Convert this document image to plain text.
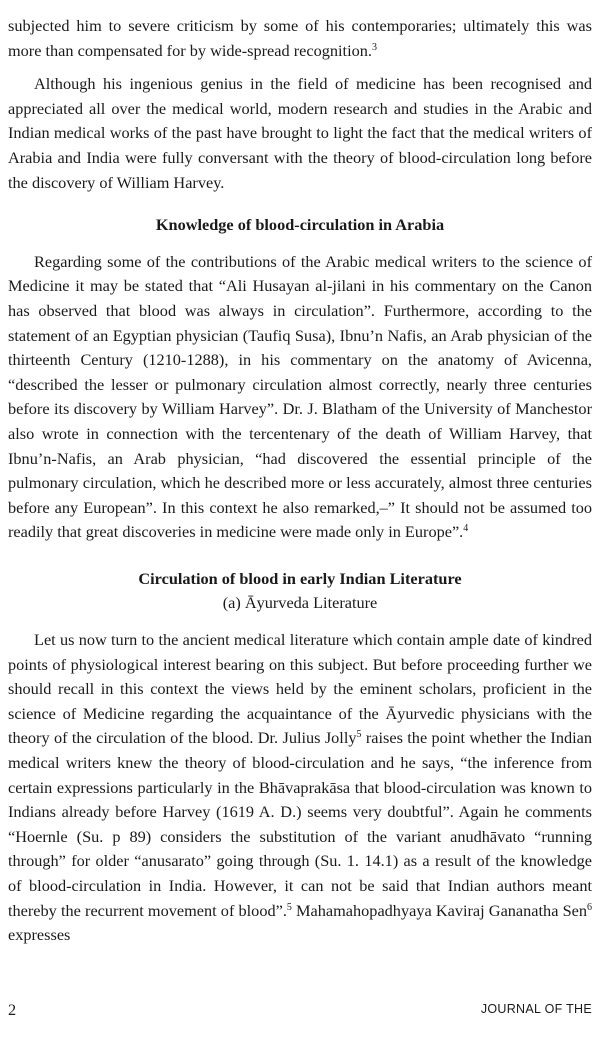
subjected him to severe criticism by some of his contemporaries; ultimately this was more than compensated for by wide-spread recognition.$^3$

Although his ingenious genius in the field of medicine has been recognised and appreciated all over the medical world, modern research and studies in the Arabic and Indian medical works of the past have brought to light the fact that the medical writers of Arabia and India were fully conversant with the theory of blood-circulation long before the discovery of William Harvey.

Knowledge of blood-circulation in Arabia

Regarding some of the contributions of the Arabic medical writers to the science of Medicine it may be stated that “Ali Husayan al-jilani in his commentary on the Canon has observed that blood was always in circulation”. Furthermore, according to the statement of an Egyptian physician (Taufiq Susa), Ibnu’n Nafis, an Arab physician of the thirteenth Century (1210-1288), in his commentary on the anatomy of Avicenna, “described the lesser or pulmonary circulation almost correctly, nearly three centuries before its discovery by William Harvey”. Dr. J. Blatham of the University of Manchestor also wrote in connection with the tercentenary of the death of William Harvey, that Ibnu’n-Nafis, an Arab physician, “had discovered the essential principle of the pulmonary circulation, which he described more or less accurately, almost three centuries before any European”. In this context he also remarked,–” It should not be assumed too readily that great discoveries in medicine were made only in Europe”.$^4$

Circulation of blood in early Indian Literature

(a) Āyurveda Literature

Let us now turn to the ancient medical literature which contain ample date of kindred points of physiological interest bearing on this subject. But before proceeding further we should recall in this context the views held by the eminent scholars, proficient in the science of Medicine regarding the acquaintance of the Āyurvedic physicians with the theory of the circulation of the blood. Dr. Julius Jolly$^5$ raises the point whether the Indian medical writers knew the theory of blood-circulation and he says, “the inference from certain expressions particularly in the Bhāvaprakāsa that blood-circulation was known to Indians already before Harvey (1619 A. D.) seems very doubtful”. Again he comments “Hoernle (Su. p 89) considers the substitution of the variant anudhāvato “running through” for older “anusarato” going through (Su. 1. 14.1) as a result of the knowledge of blood-circulation in India. However, it can not be said that Indian authors meant thereby the recurrent movement of blood”.$^5$ Mahamahopadhyaya Kaviraj Gananatha Sen$^6$ expresses

2	JOURNAL OF THE
